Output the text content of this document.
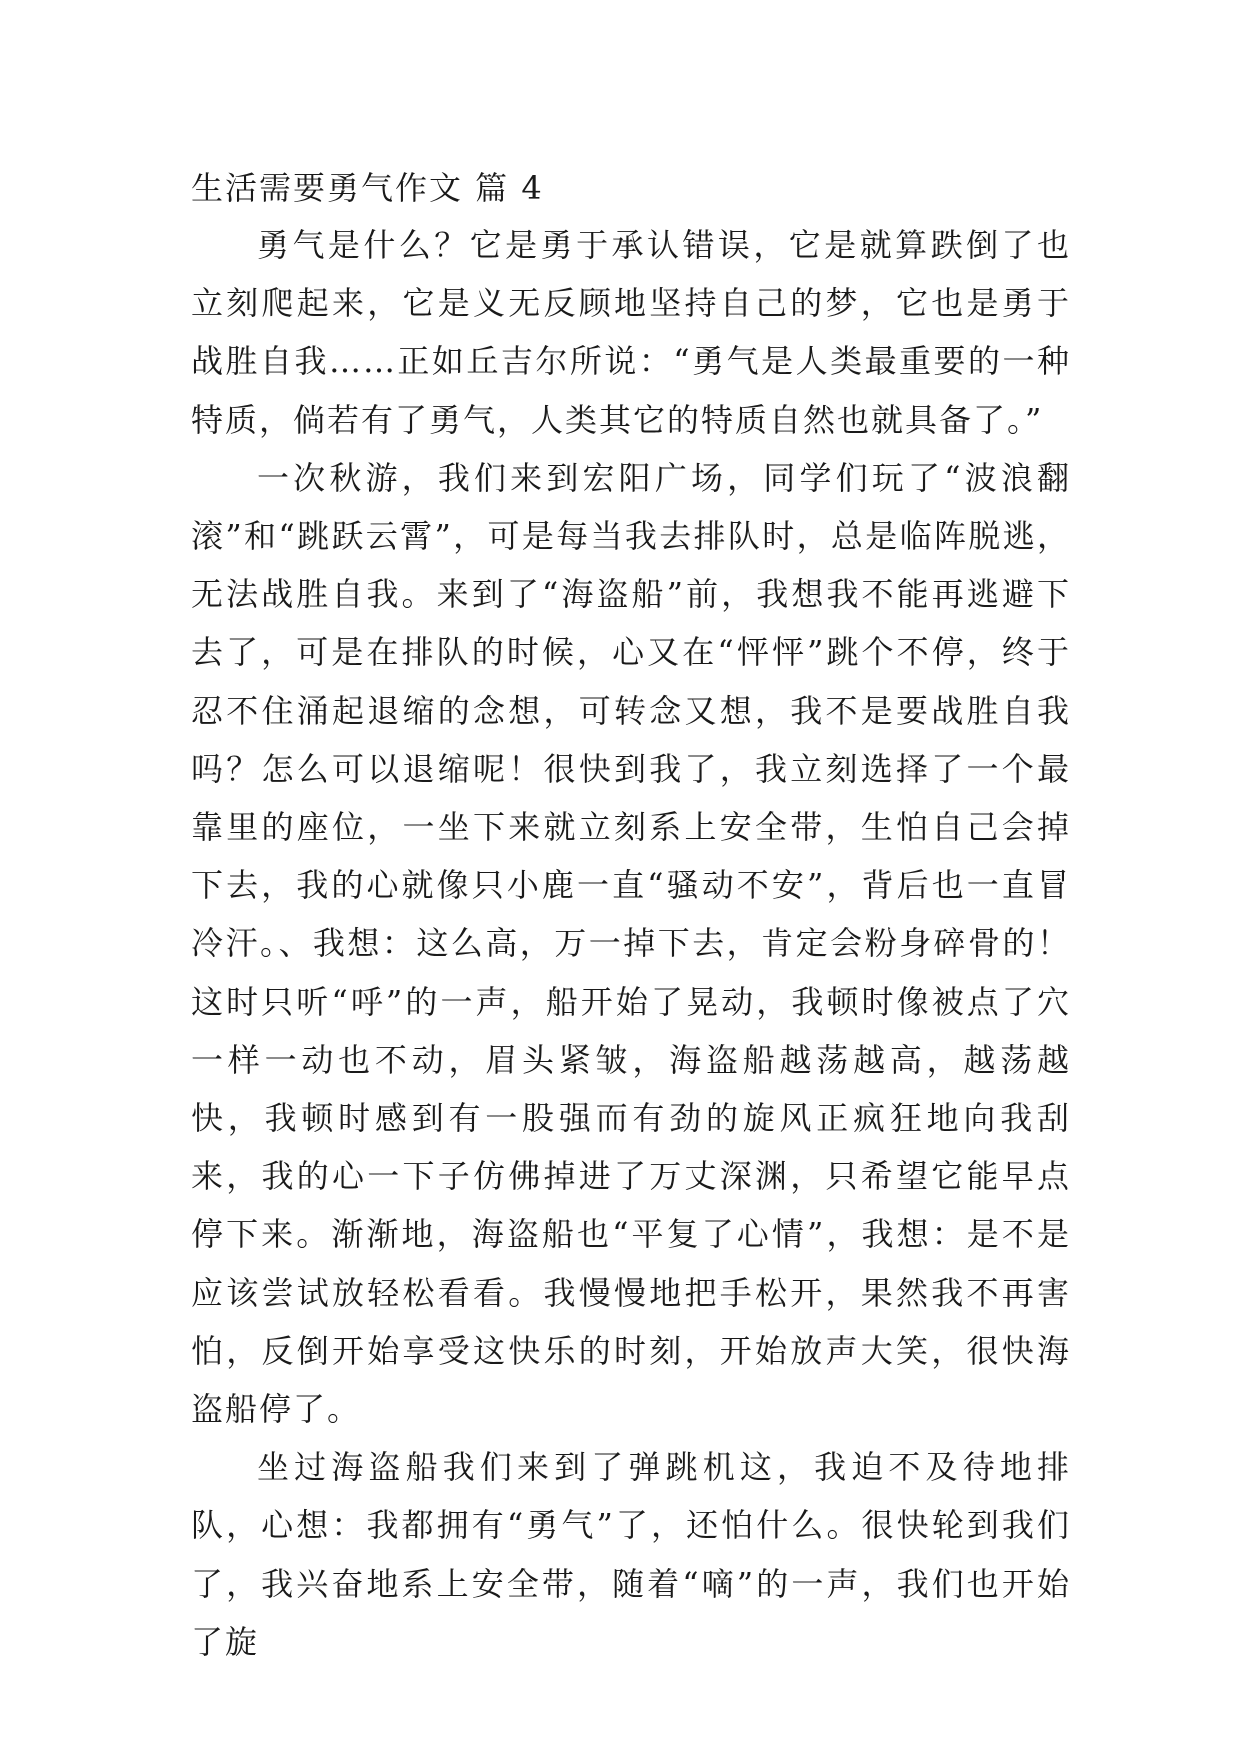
生活需要勇气作文 篇 4

勇气是什么？它是勇于承认错误，它是就算跌倒了也立刻爬起来，它是义无反顾地坚持自己的梦，它也是勇于战胜自我……正如丘吉尔所说：“勇气是人类最重要的一种特质，倘若有了勇气，人类其它的特质自然也就具备了。”

一次秋游，我们来到宏阳广场，同学们玩了“波浪翻滚”和“跳跃云霄”，可是每当我去排队时，总是临阵脱逃，无法战胜自我。来到了“海盗船”前，我想我不能再逃避下去了，可是在排队的时候，心又在“怦怦”跳个不停，终于忍不住涌起退缩的念想，可转念又想，我不是要战胜自我吗？怎么可以退缩呢！很快到我了，我立刻选择了一个最靠里的座位，一坐下来就立刻系上安全带，生怕自己会掉下去，我的心就像只小鹿一直“骚动不安”，背后也一直冒冷汗。、我想：这么高，万一掉下去，肯定会粉身碎骨的！这时只听“呼”的一声，船开始了晃动，我顿时像被点了穴一样一动也不动，眉头紧皱，海盗船越荡越高，越荡越快，我顿时感到有一股强而有劲的旋风正疯狂地向我刮来，我的心一下子仿佛掉进了万丈深渊，只希望它能早点停下来。渐渐地，海盗船也“平复了心情”，我想：是不是应该尝试放轻松看看。我慢慢地把手松开，果然我不再害怕，反倒开始享受这快乐的时刻，开始放声大笑，很快海盗船停了。

坐过海盗船我们来到了弹跳机这，我迫不及待地排队，心想：我都拥有“勇气”了，还怕什么。很快轮到我们了，我兴奋地系上安全带，随着“嘀”的一声，我们也开始了旋
